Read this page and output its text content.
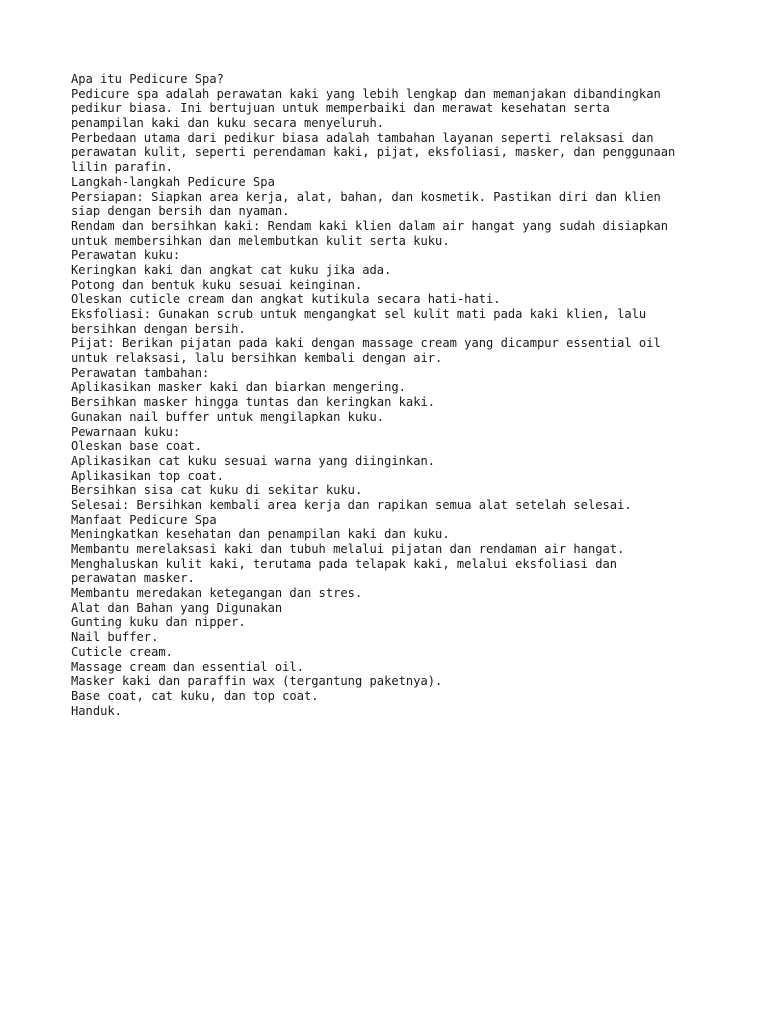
Apa itu Pedicure Spa?
Pedicure spa adalah perawatan kaki yang lebih lengkap dan memanjakan dibandingkan
pedikur biasa. Ini bertujuan untuk memperbaiki dan merawat kesehatan serta
penampilan kaki dan kuku secara menyeluruh.
Perbedaan utama dari pedikur biasa adalah tambahan layanan seperti relaksasi dan
perawatan kulit, seperti perendaman kaki, pijat, eksfoliasi, masker, dan penggunaan
lilin parafin.
Langkah-langkah Pedicure Spa
Persiapan: Siapkan area kerja, alat, bahan, dan kosmetik. Pastikan diri dan klien
siap dengan bersih dan nyaman.
Rendam dan bersihkan kaki: Rendam kaki klien dalam air hangat yang sudah disiapkan
untuk membersihkan dan melembutkan kulit serta kuku.
Perawatan kuku:
Keringkan kaki dan angkat cat kuku jika ada.
Potong dan bentuk kuku sesuai keinginan.
Oleskan cuticle cream dan angkat kutikula secara hati-hati.
Eksfoliasi: Gunakan scrub untuk mengangkat sel kulit mati pada kaki klien, lalu
bersihkan dengan bersih.
Pijat: Berikan pijatan pada kaki dengan massage cream yang dicampur essential oil
untuk relaksasi, lalu bersihkan kembali dengan air.
Perawatan tambahan:
Aplikasikan masker kaki dan biarkan mengering.
Bersihkan masker hingga tuntas dan keringkan kaki.
Gunakan nail buffer untuk mengilapkan kuku.
Pewarnaan kuku:
Oleskan base coat.
Aplikasikan cat kuku sesuai warna yang diinginkan.
Aplikasikan top coat.
Bersihkan sisa cat kuku di sekitar kuku.
Selesai: Bersihkan kembali area kerja dan rapikan semua alat setelah selesai.
Manfaat Pedicure Spa
Meningkatkan kesehatan dan penampilan kaki dan kuku.
Membantu merelaksasi kaki dan tubuh melalui pijatan dan rendaman air hangat.
Menghaluskan kulit kaki, terutama pada telapak kaki, melalui eksfoliasi dan
perawatan masker.
Membantu meredakan ketegangan dan stres.
Alat dan Bahan yang Digunakan
Gunting kuku dan nipper.
Nail buffer.
Cuticle cream.
Massage cream dan essential oil.
Masker kaki dan paraffin wax (tergantung paketnya).
Base coat, cat kuku, dan top coat.
Handuk.
